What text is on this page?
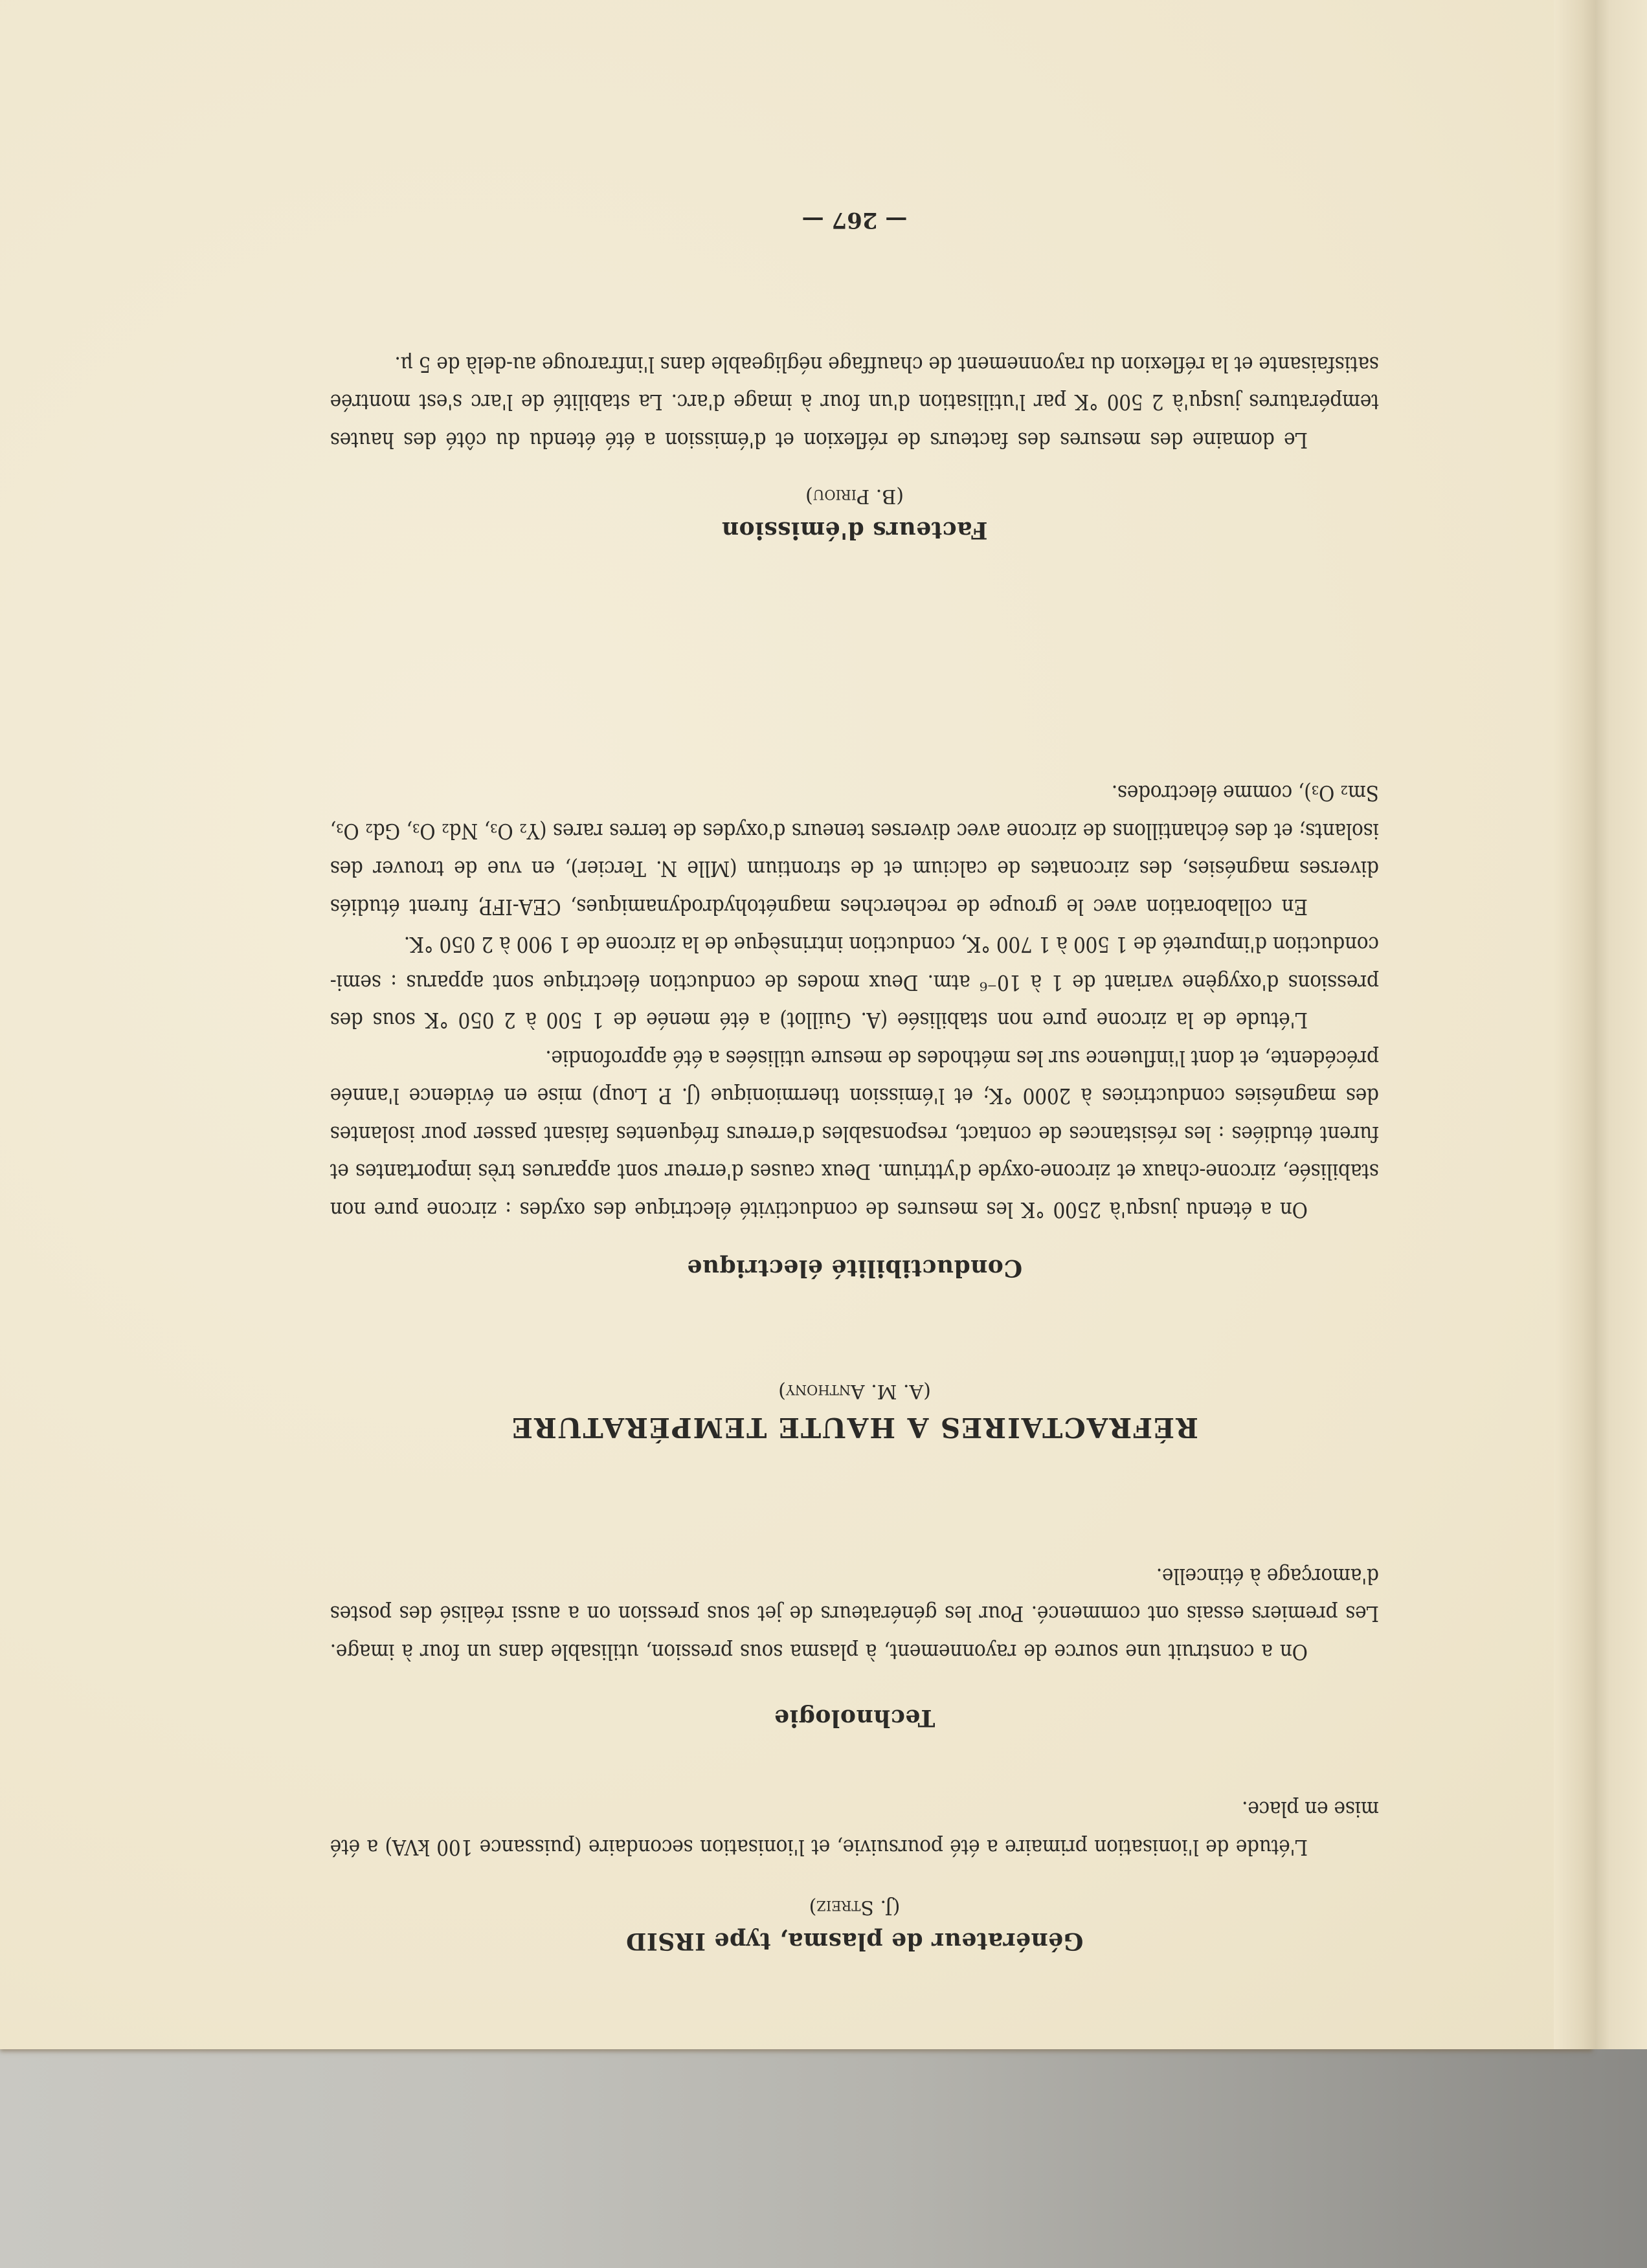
Générateur de plasma, type IRSID
(J. Streiz)

L'étude de l'ionisation primaire a été poursuivie, et l'ionisation secondaire (puissance 100 kVA) a été mise en place.

Technologie

On a construit une source de rayonnement, à plasma sous pression, utilisable dans un four à image. Les premiers essais ont commencé. Pour les générateurs de jet sous pression on a aussi réalisé des postes d'amorçage à étincelle.

RÉFRACTAIRES A HAUTE TEMPÉRATURE
(A. M. Anthony)
Conductibilité électrique

On a étendu jusqu'à 2500 °K les mesures de conductivité électrique des oxydes : zircone pure non stabilisée, zircone-chaux et zircone-oxyde d'yttrium. Deux causes d'erreur sont apparues très importantes et furent étudiées : les résistances de contact, responsables d'erreurs fréquentes faisant passer pour isolantes des magnésies conductrices à 2000 °K; et l'émission thermionique (J. P. Loup) mise en évidence l'année précédente, et dont l'influence sur les méthodes de mesure utilisées a été approfondie.

L'étude de la zircone pure non stabilisée (A. Guillot) a été menée de 1 500 à 2 050 °K sous des pressions d'oxygène variant de 1 à 10⁻⁶ atm. Deux modes de conduction électrique sont apparus : semi-conduction d'impureté de 1 500 à 1 700 °K, conduction intrinsèque de la zircone de 1 900 à 2 050 °K.

En collaboration avec le groupe de recherches magnétohydrodynamiques, CEA-IFP, furent étudiés diverses magnésies, des zirconates de calcium et de strontium (Mlle N. Tercier), en vue de trouver des isolants; et des échantillons de zircone avec diverses teneurs d'oxydes de terres rares (Y₂ O₃, Nd₂ O₃, Gd₂ O₃, Sm₂ O₃), comme électrodes.

Facteurs d'émission
(B. Piriou)

Le domaine des mesures des facteurs de réflexion et d'émission a été étendu du côté des hautes températures jusqu'à 2 500 °K par l'utilisation d'un four à image d'arc. La stabilité de l'arc s'est montrée satisfaisante et la réflexion du rayonnement de chauffage négligeable dans l'infrarouge au-delà de 5 μ.

— 267 —
